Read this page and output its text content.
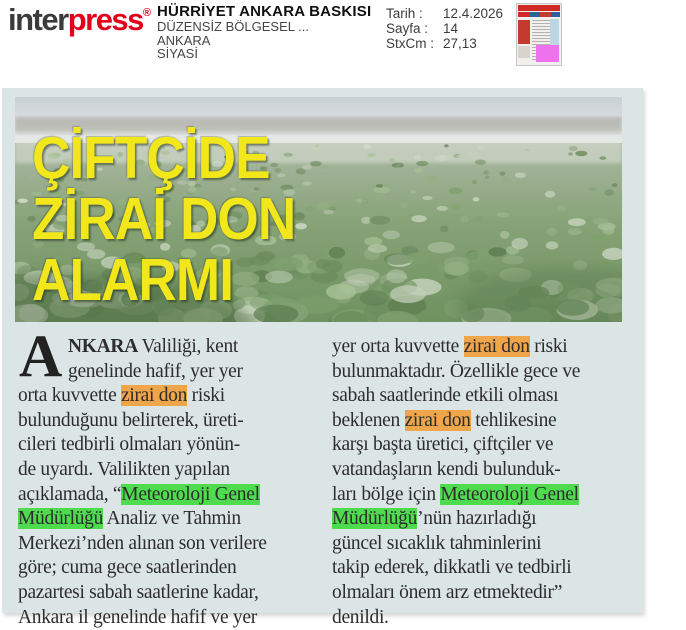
interpress® HÜRRİYET ANKARA BASKISI
DÜZENSİZ BÖLGESEL ...
ANKARA
SİYASİ
Tarih :	12.4.2026
Sayfa :	14
StxCm : 27,13
ÇİFTÇİDE
ZİRAİ DON
ALARMI
A NKARA Valiliği, kent
genelinde hafif, yer yer
orta kuvvette zirai don riski
bulunduğunu belirterek, üreti-
cileri tedbirli olmaları yönün-
de uyardı. Valilikten yapılan
açıklamada, “Meteoroloji Genel
Müdürlüğü Analiz ve Tahmin
Merkezi’nden alınan son verilere
göre; cuma gece saatlerinden
pazartesi sabah saatlerine kadar,
Ankara il genelinde hafif ve yer
yer orta kuvvette zirai don riski
bulunmaktadır. Özellikle gece ve
sabah saatlerinde etkili olması
beklenen zirai don tehlikesine
karşı başta üretici, çiftçiler ve
vatandaşların kendi bulunduk-
ları bölge için Meteoroloji Genel
Müdürlüğü’nün hazırladığı
güncel sıcaklık tahminlerini
takip ederek, dikkatli ve tedbirli
olmaları önem arz etmektedir”
denildi.
